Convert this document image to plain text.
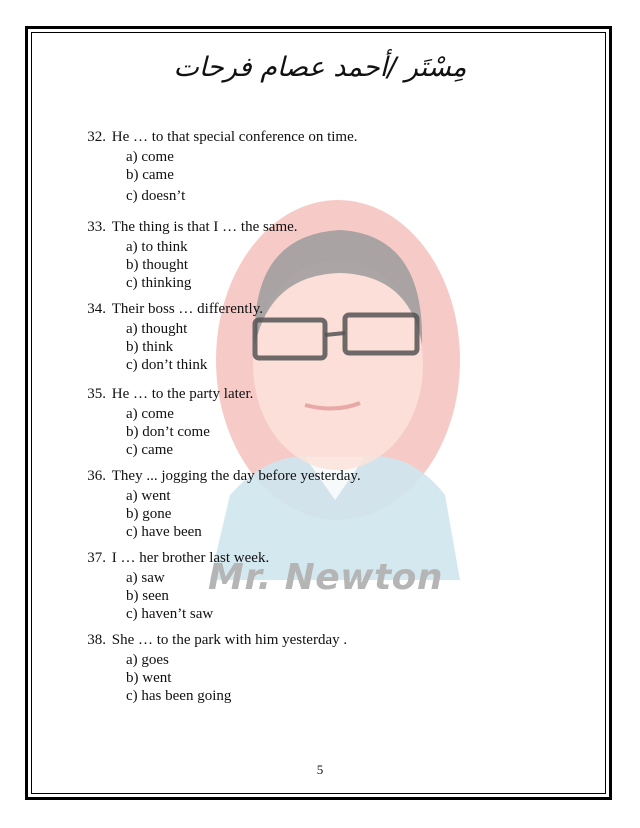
مِسْتَر /أحمد عصام فرحات
Mr. Newton
32. He … to that special conference on time.
a) come
b) came
c) doesn’t
33. The thing is that I … the same.
a) to think
b) thought
c) thinking
34. Their boss … differently.
a) thought
b) think
c) don’t think
35. He … to the party later.
a) come
b) don’t come
c) came
36. They ... jogging the day before yesterday.
a) went
b) gone
c) have been
37. I … her brother last week.
a) saw
b) seen
c) haven’t saw
38. She … to the park with him yesterday .
a) goes
b) went
c) has been going
5
